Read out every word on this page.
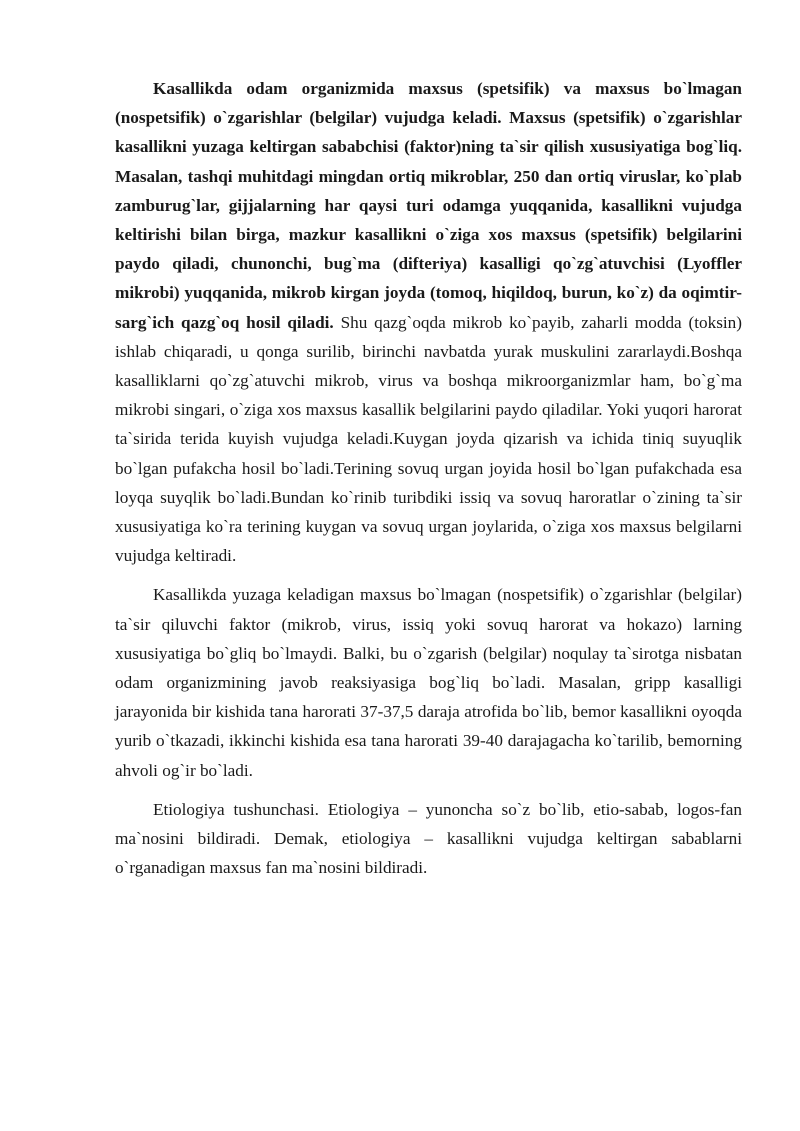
Kasallikda odam organizmida maxsus (spetsifik) va maxsus bo`lmagan (nospetsifik) o`zgarishlar (belgilar) vujudga keladi. Maxsus (spetsifik) o`zgarishlar kasallikni yuzaga keltirgan sababchisi (faktor)ning ta`sir qilish xususiyatiga bog`liq. Masalan, tashqi muhitdagi mingdan ortiq mikroblar, 250 dan ortiq viruslar, ko`plab zamburug`lar, gijjalarning har qaysi turi odamga yuqqanida, kasallikni vujudga keltirishi bilan birga, mazkur kasallikni o`ziga xos maxsus (spetsifik) belgilarini paydo qiladi, chunonchi, bug`ma (difteriya) kasalligi qo`zg`atuvchisi (Lyoffler mikrobi) yuqqanida, mikrob kirgan joyda (tomoq, hiqildoq, burun, ko`z) da oqimtir-sarg`ich qazg`oq hosil qiladi. Shu qazg`oqda mikrob ko`payib, zaharli modda (toksin) ishlab chiqaradi, u qonga surilib, birinchi navbatda yurak muskulini zararlaydi.Boshqa kasalliklarni qo`zg`atuvchi mikrob, virus va boshqa mikroorganizmlar ham, bo`g`ma mikrobi singari, o`ziga xos maxsus kasallik belgilarini paydo qiladilar. Yoki yuqori harorat ta`sirida terida kuyish vujudga keladi.Kuygan joyda qizarish va ichida tiniq suyuqlik bo`lgan pufakcha hosil bo`ladi.Terining sovuq urgan joyida hosil bo`lgan pufakchada esa loyqa suyqlik bo`ladi.Bundan ko`rinib turibdiki issiq va sovuq haroratlar o`zining ta`sir xususiyatiga ko`ra terining kuygan va sovuq urgan joylarida, o`ziga xos maxsus belgilarni vujudga keltiradi.

Kasallikda yuzaga keladigan maxsus bo`lmagan (nospetsifik) o`zgarishlar (belgilar) ta`sir qiluvchi faktor (mikrob, virus, issiq yoki sovuq harorat va hokazo) larning xususiyatiga bo`gliq bo`lmaydi. Balki, bu o`zgarish (belgilar) noqulay ta`sirotga nisbatan odam organizmining javob reaksiyasiga bog`liq bo`ladi. Masalan, gripp kasalligi jarayonida bir kishida tana harorati 37-37,5 daraja atrofida bo`lib, bemor kasallikni oyoqda yurib o`tkazadi, ikkinchi kishida esa tana harorati 39-40 darajagacha ko`tarilib, bemorning ahvoli og`ir bo`ladi.

Etiologiya tushunchasi. Etiologiya – yunoncha so`z bo`lib, etio-sabab, logos-fan ma`nosini bildiradi. Demak, etiologiya – kasallikni vujudga keltirgan sabablarni o`rganadigan maxsus fan ma`nosini bildiradi.
